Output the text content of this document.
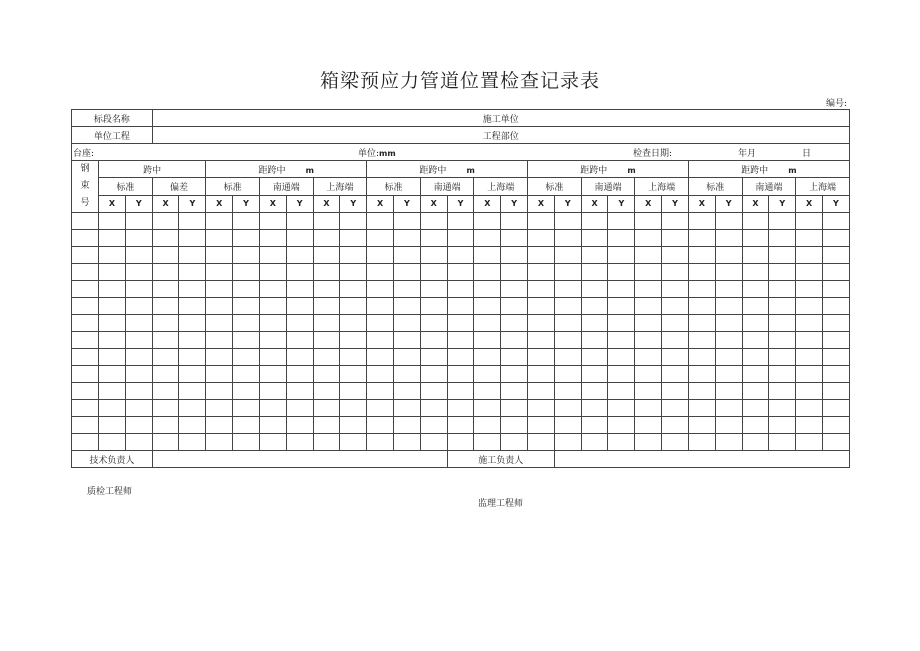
箱梁预应力管道位置检查记录表
编号:
标段名称			施工单位																									
单位工程			工程部位																									

台座: 单位:mm 检查日期: 年月 日																												

钢
束
号	跨中				距跨中 m						距跨中 m						距跨中 m						距跨中 m					
	标准		偏差		标准		南通端		上海端		标准		南通端		上海端		标准		南通端		上海端		标准		南通端		上海端	
	X	Y	X	Y	X	Y	X	Y	X	Y	X	Y	X	Y	X	Y	X	Y	X	Y	X	Y	X	Y	X	Y	X	Y

技术负责人														施工负责人														
质检工程师
监理工程师
